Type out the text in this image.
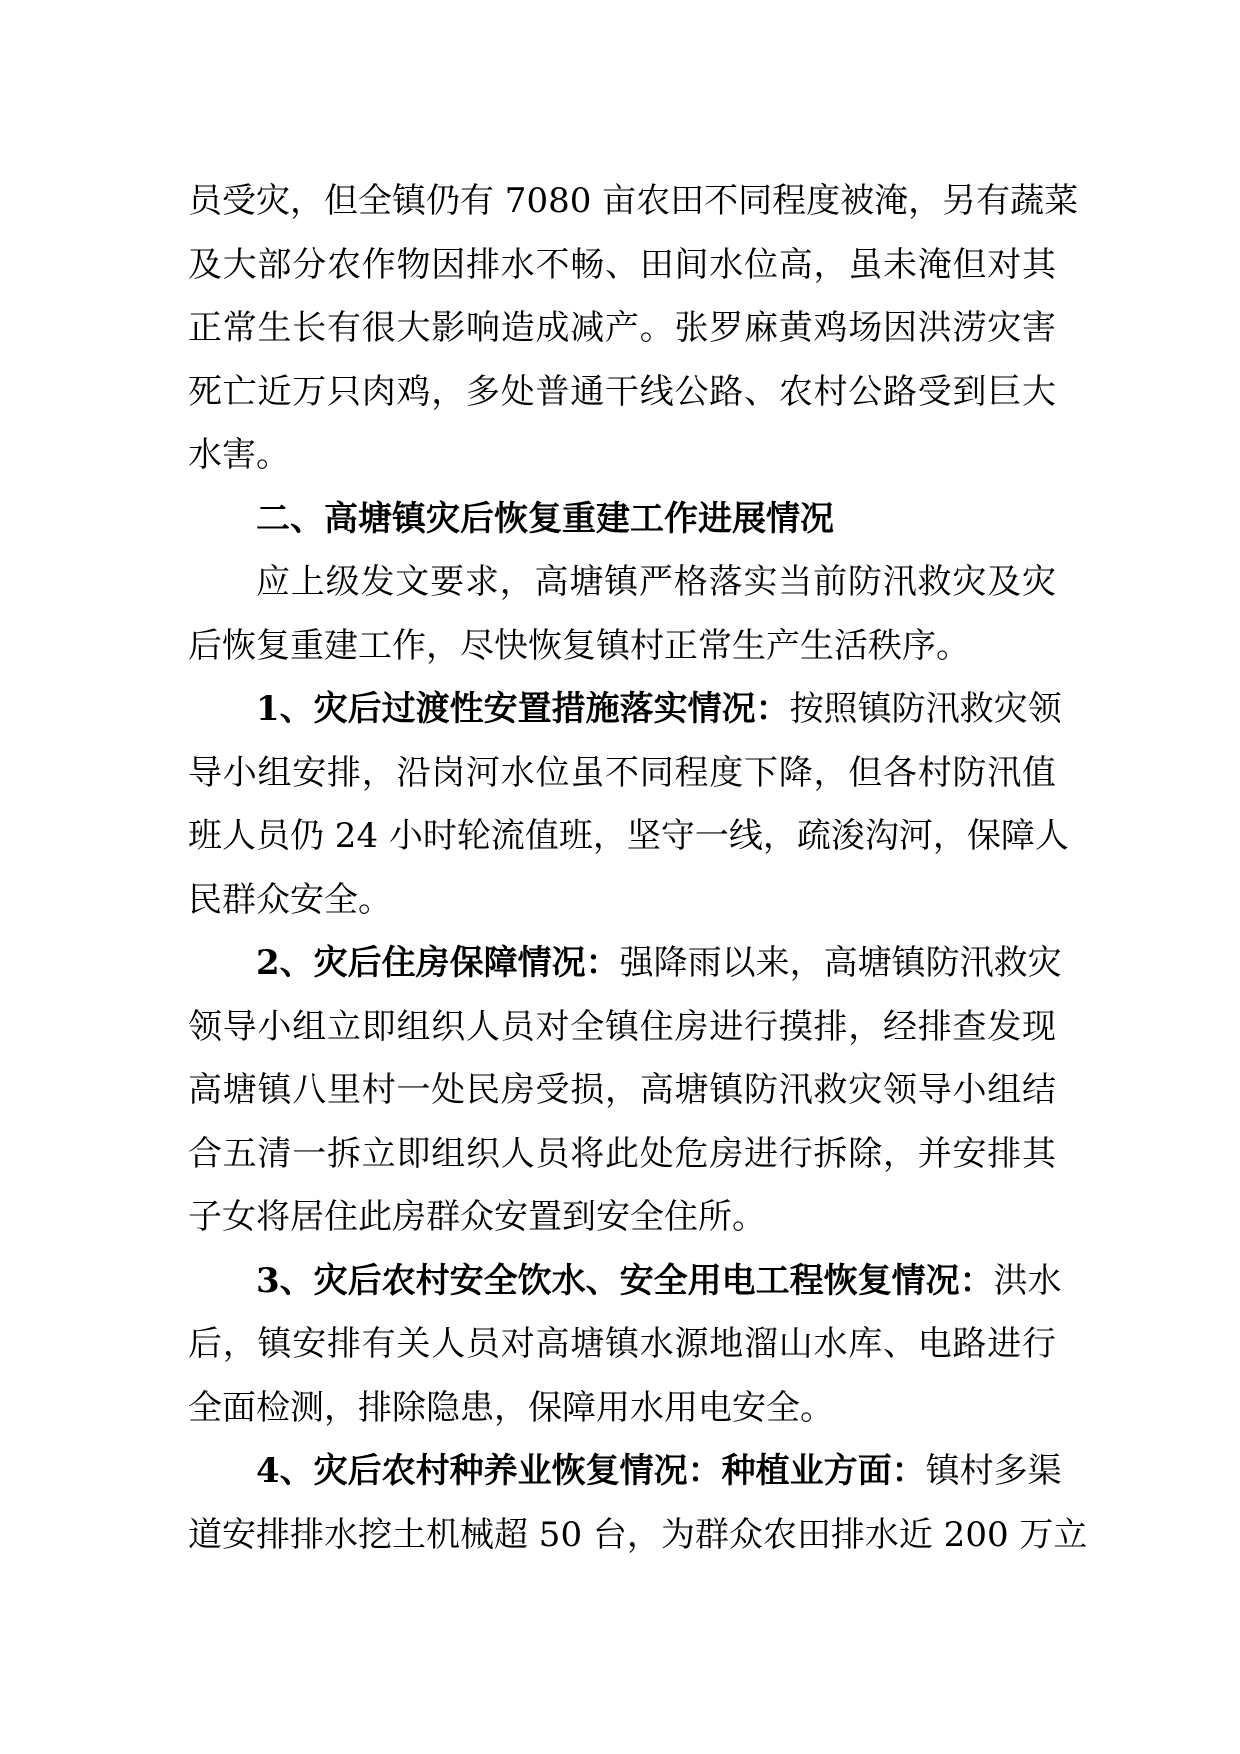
员受灾，但全镇仍有 7080 亩农田不同程度被淹，另有蔬菜
及大部分农作物因排水不畅、田间水位高，虽未淹但对其
正常生长有很大影响造成减产。张罗麻黄鸡场因洪涝灾害
死亡近万只肉鸡，多处普通干线公路、农村公路受到巨大
水害。
二、高塘镇灾后恢复重建工作进展情况
应上级发文要求，高塘镇严格落实当前防汛救灾及灾
后恢复重建工作，尽快恢复镇村正常生产生活秩序。
1、灾后过渡性安置措施落实情况：按照镇防汛救灾领
导小组安排，沿岗河水位虽不同程度下降，但各村防汛值
班人员仍 24 小时轮流值班，坚守一线，疏浚沟河，保障人
民群众安全。
2、灾后住房保障情况：强降雨以来，高塘镇防汛救灾
领导小组立即组织人员对全镇住房进行摸排，经排查发现
高塘镇八里村一处民房受损，高塘镇防汛救灾领导小组结
合五清一拆立即组织人员将此处危房进行拆除，并安排其
子女将居住此房群众安置到安全住所。
3、灾后农村安全饮水、安全用电工程恢复情况：洪水
后，镇安排有关人员对高塘镇水源地溜山水库、电路进行
全面检测，排除隐患，保障用水用电安全。
4、灾后农村种养业恢复情况：种植业方面：镇村多渠
道安排排水挖土机械超 50 台，为群众农田排水近 200 万立
